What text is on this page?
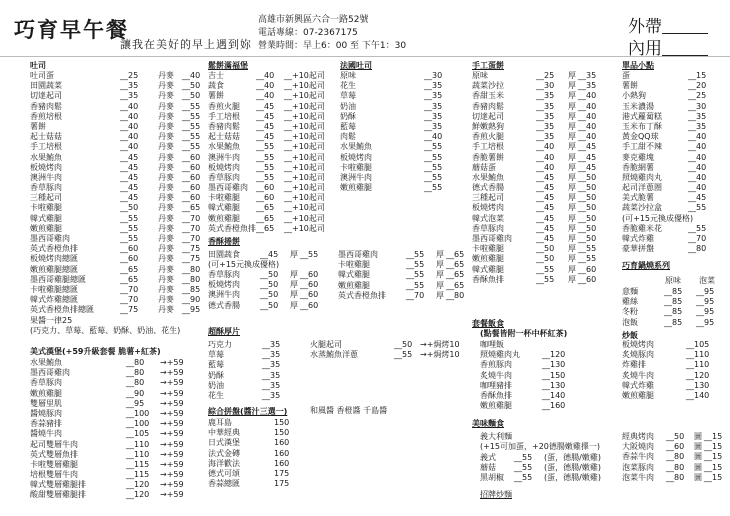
巧育早午餐
讓我在美好的早上遇到妳
高雄市新興區六合一路52號
電話專線：07-2367175
營業時間：早上6：00 至 下午1：30
外帶
內用
吐司
吐司蛋	__25 丹麥 __40
田園蔬菜	__35 丹麥 __50
切達起司	__35 丹麥 __50
香豬肉鬆	__40 丹麥 __55
香煎培根	__40 丹麥 __55
薯餅	__40 丹麥 __55
起士菇菇	__40 丹麥 __55
手工培根	__40 丹麥 __55
水果鮪魚	__45 丹麥 __60
板燒烤肉	__45 丹麥 __60
澳洲牛肉	__45 丹麥 __60
香草豚肉	__45 丹麥 __60
三種起司	__45 丹麥 __60
卡啦雞腿	__50 丹麥 __65
韓式雞腿	__55 丹麥 __70
嫩煎雞腿	__55 丹麥 __70
墨西哥雞肉	__55 丹麥 __70
英式香橙魚排	__60 丹麥 __75
板燒烤肉總匯	__60 丹麥 __75
嫩煎雞腿總匯	__65 丹麥 __80
墨西哥雞腿總匯	__65 丹麥 __80
卡啦雞腿總匯	__70 丹麥 __85
韓式炸雞總匯	__70 丹麥 __90
英式香橙魚排總匯	__75 丹麥 __95
果醬一律25
(巧克力、草莓、藍莓、奶酥、奶油、花生)
美式漢堡(+59升級套餐 脆薯+紅茶)
水果鮪魚	__80 →+59
墨西哥雞肉	__80 →+59
香草豚肉	__80 →+59
嫩煎雞腿	__90 →+59
雙層里肌	__95 →+59
醬燒豚肉	__100 →+59
香蒜豬排	__100 →+59
醬燒牛肉	__105 →+59
起司雙層牛肉	__110 →+59
英式雙層魚排	__110 →+59
卡啦雙層雞腿	__115 →+59
培根雙層牛肉	__115 →+59
韓式雙層雞腿排	__120 →+59
酸甜雙層雞腿排	__120 →+59
鬆餅滿福堡
吉士	__40 __+10起司
蔬食	__40 __+10起司
薯餅	__40 __+10起司
香煎火腿 __45 __+10起司
手工培根 __45 __+10起司
香豬肉鬆 __45 __+10起司
起士菇菇 __45 __+10起司
水果鮪魚 __55 __+10起司
澳洲牛肉 __55 __+10起司
板燒烤肉 __55 __+10起司
香草豚肉 __55 __+10起司
墨西哥雞肉 __60 __+10起司
卡啦雞腿 __60 __+10起司
韓式雞腿 __65 __+10起司
嫩煎雞腿 __65 __+10起司
英式香橙魚排 __65 __+10起司
法國吐司
原味	__30
花生	__35
草莓	__35
奶油	__35
奶酥	__35
藍莓	__35
肉鬆	__40
水果鮪魚	__55
板燒烤肉	__55
卡啦雞腿	__55
澳洲牛肉	__55
嫩煎雞腿	__55
手工蛋餅
原味	__25 厚 __35
蔬菜沙拉	__30 厚 __35
香甜玉米	__35 厚 __40
香豬肉鬆	__35 厚 __40
切達起司	__35 厚 __40
鮮嫩熱狗	__35 厚 __40
香煎火腿	__35 厚 __40
手工培根	__40 厚 __45
香脆薯餅	__40 厚 __45
蘑菇蛋	__40 厚 __45
水果鮪魚	__45 厚 __50
德式香腸	__45 厚 __50
三種起司	__45 厚 __50
板燒烤肉	__45 厚 __50
韓式泡菜	__45 厚 __50
香草豚肉	__45 厚 __50
墨西哥雞肉	__45 厚 __50
卡啦雞腿	__50 厚 __55
嫩煎雞腿	__50 厚 __55
韓式雞腿	__55 厚 __60
香酥魚排	__55 厚 __60
單品小點
蛋	__15
薯餅	__20
小熱狗	__25
玉米濃湯	__30
港式蘿蔔糕	__35
玉米布丁酥	__35
黃金QQ球	__40
手工甜不辣	__40
麥克雞塊	__40
香脆網薯	__40
照燒雞肉丸	__40
起司洋蔥圈	__40
美式脆薯	__45
蔬菜沙拉盒	__55
(可+15元換成優格)
香脆雞米花	__55
韓式炸雞	__70
豪華拼盤	__80
巧育鍋燒系列
原味 泡菜
意麵	__85 __95
雞絲	__85 __95
冬粉	__85 __95
泡飯	__85 __95
香酥捲餅
田園蔬食	__45 厚 __55
(可+15元換成優格)
香草豚肉	__50 厚 __60
板燒烤肉	__50 厚 __60
澳洲牛肉	__50 厚 __60
德式香腸	__50 厚 __60
墨西哥雞肉	__55 厚 __65
卡啦雞腿	__55 厚 __65
韓式雞腿	__55 厚 __65
嫩煎雞腿	__55 厚 __65
英式香橙魚排	__70 厚 __80
超酥厚片
巧克力	__35
草莓	__35
藍莓	__35
奶酥	__35
奶油	__35
花生	__35
火腿起司	__50 →+焗烤10
水蒸鮪魚洋蔥	__55 →+焗烤10
綜合拼盤(醬汁三選一)	和風醬 香橙醬 千島醬
鹿耳島	150
中華經典	150
日式漢堡	160
法式金磚	160
海洋歡法	160
德式可頌	175
香蒜總匯	175
套餐飯食
(點餐皆附一杯中杯紅茶)
咖哩飯
照燒雞肉丸	__120
香煎豚肉	__130
炙燒牛肉	__150
咖哩豬排	__130
香酥魚排	__140
嫩煎雞腿	__160
炒飯
板燒烤肉	__105
炙燒豚肉	__110
炸雞排	__110
炙燒牛肉	__120
韓式炸雞	__130
嫩煎雞腿	__140
美味麵食
義大利麵
(+15可加蛋，+20德腸嫩雞擇一)
義式 __55 (蛋，德腸/嫩雞)
蘑菇 __55 (蛋，德腸/嫩雞)
黑胡椒 __55 (蛋，德腸/嫩雞)
招牌炒麵
經典烤肉 __50 圖 __15
大阪燒肉 __60 圖 __15
香蒜牛肉 __80 圖 __15
泡菜豚肉 __80 圖 __15
泡菜牛肉 __80 圖 __15
